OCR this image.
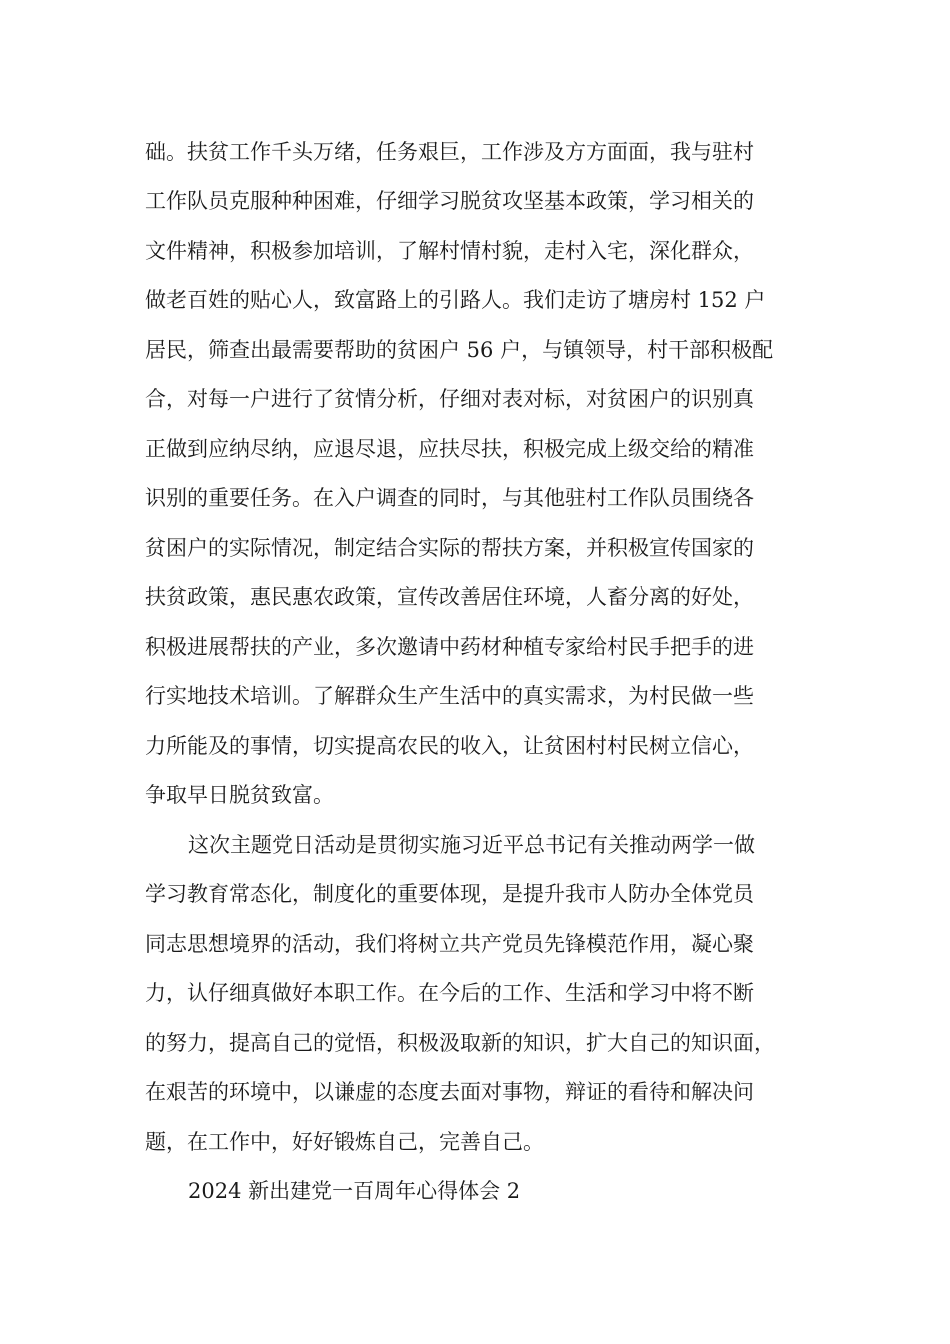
础。扶贫工作千头万绪，任务艰巨，工作涉及方方面面，我与驻村
工作队员克服种种困难，仔细学习脱贫攻坚基本政策，学习相关的
文件精神，积极参加培训，了解村情村貌，走村入宅，深化群众，
做老百姓的贴心人，致富路上的引路人。我们走访了塘房村 152 户
居民，筛查出最需要帮助的贫困户 56 户，与镇领导，村干部积极配
合，对每一户进行了贫情分析，仔细对表对标，对贫困户的识别真
正做到应纳尽纳，应退尽退，应扶尽扶，积极完成上级交给的精准
识别的重要任务。在入户调查的同时，与其他驻村工作队员围绕各
贫困户的实际情况，制定结合实际的帮扶方案，并积极宣传国家的
扶贫政策，惠民惠农政策，宣传改善居住环境，人畜分离的好处，
积极进展帮扶的产业，多次邀请中药材种植专家给村民手把手的进
行实地技术培训。了解群众生产生活中的真实需求，为村民做一些
力所能及的事情，切实提高农民的收入，让贫困村村民树立信心，
争取早日脱贫致富。
这次主题党日活动是贯彻实施习近平总书记有关推动两学一做
学习教育常态化，制度化的重要体现，是提升我市人防办全体党员
同志思想境界的活动，我们将树立共产党员先锋模范作用，凝心聚
力，认仔细真做好本职工作。在今后的工作、生活和学习中将不断
的努力，提高自己的觉悟，积极汲取新的知识，扩大自己的知识面，
在艰苦的环境中，以谦虚的态度去面对事物，辩证的看待和解决问
题，在工作中，好好锻炼自己，完善自己。
2024 新出建党一百周年心得体会 2
